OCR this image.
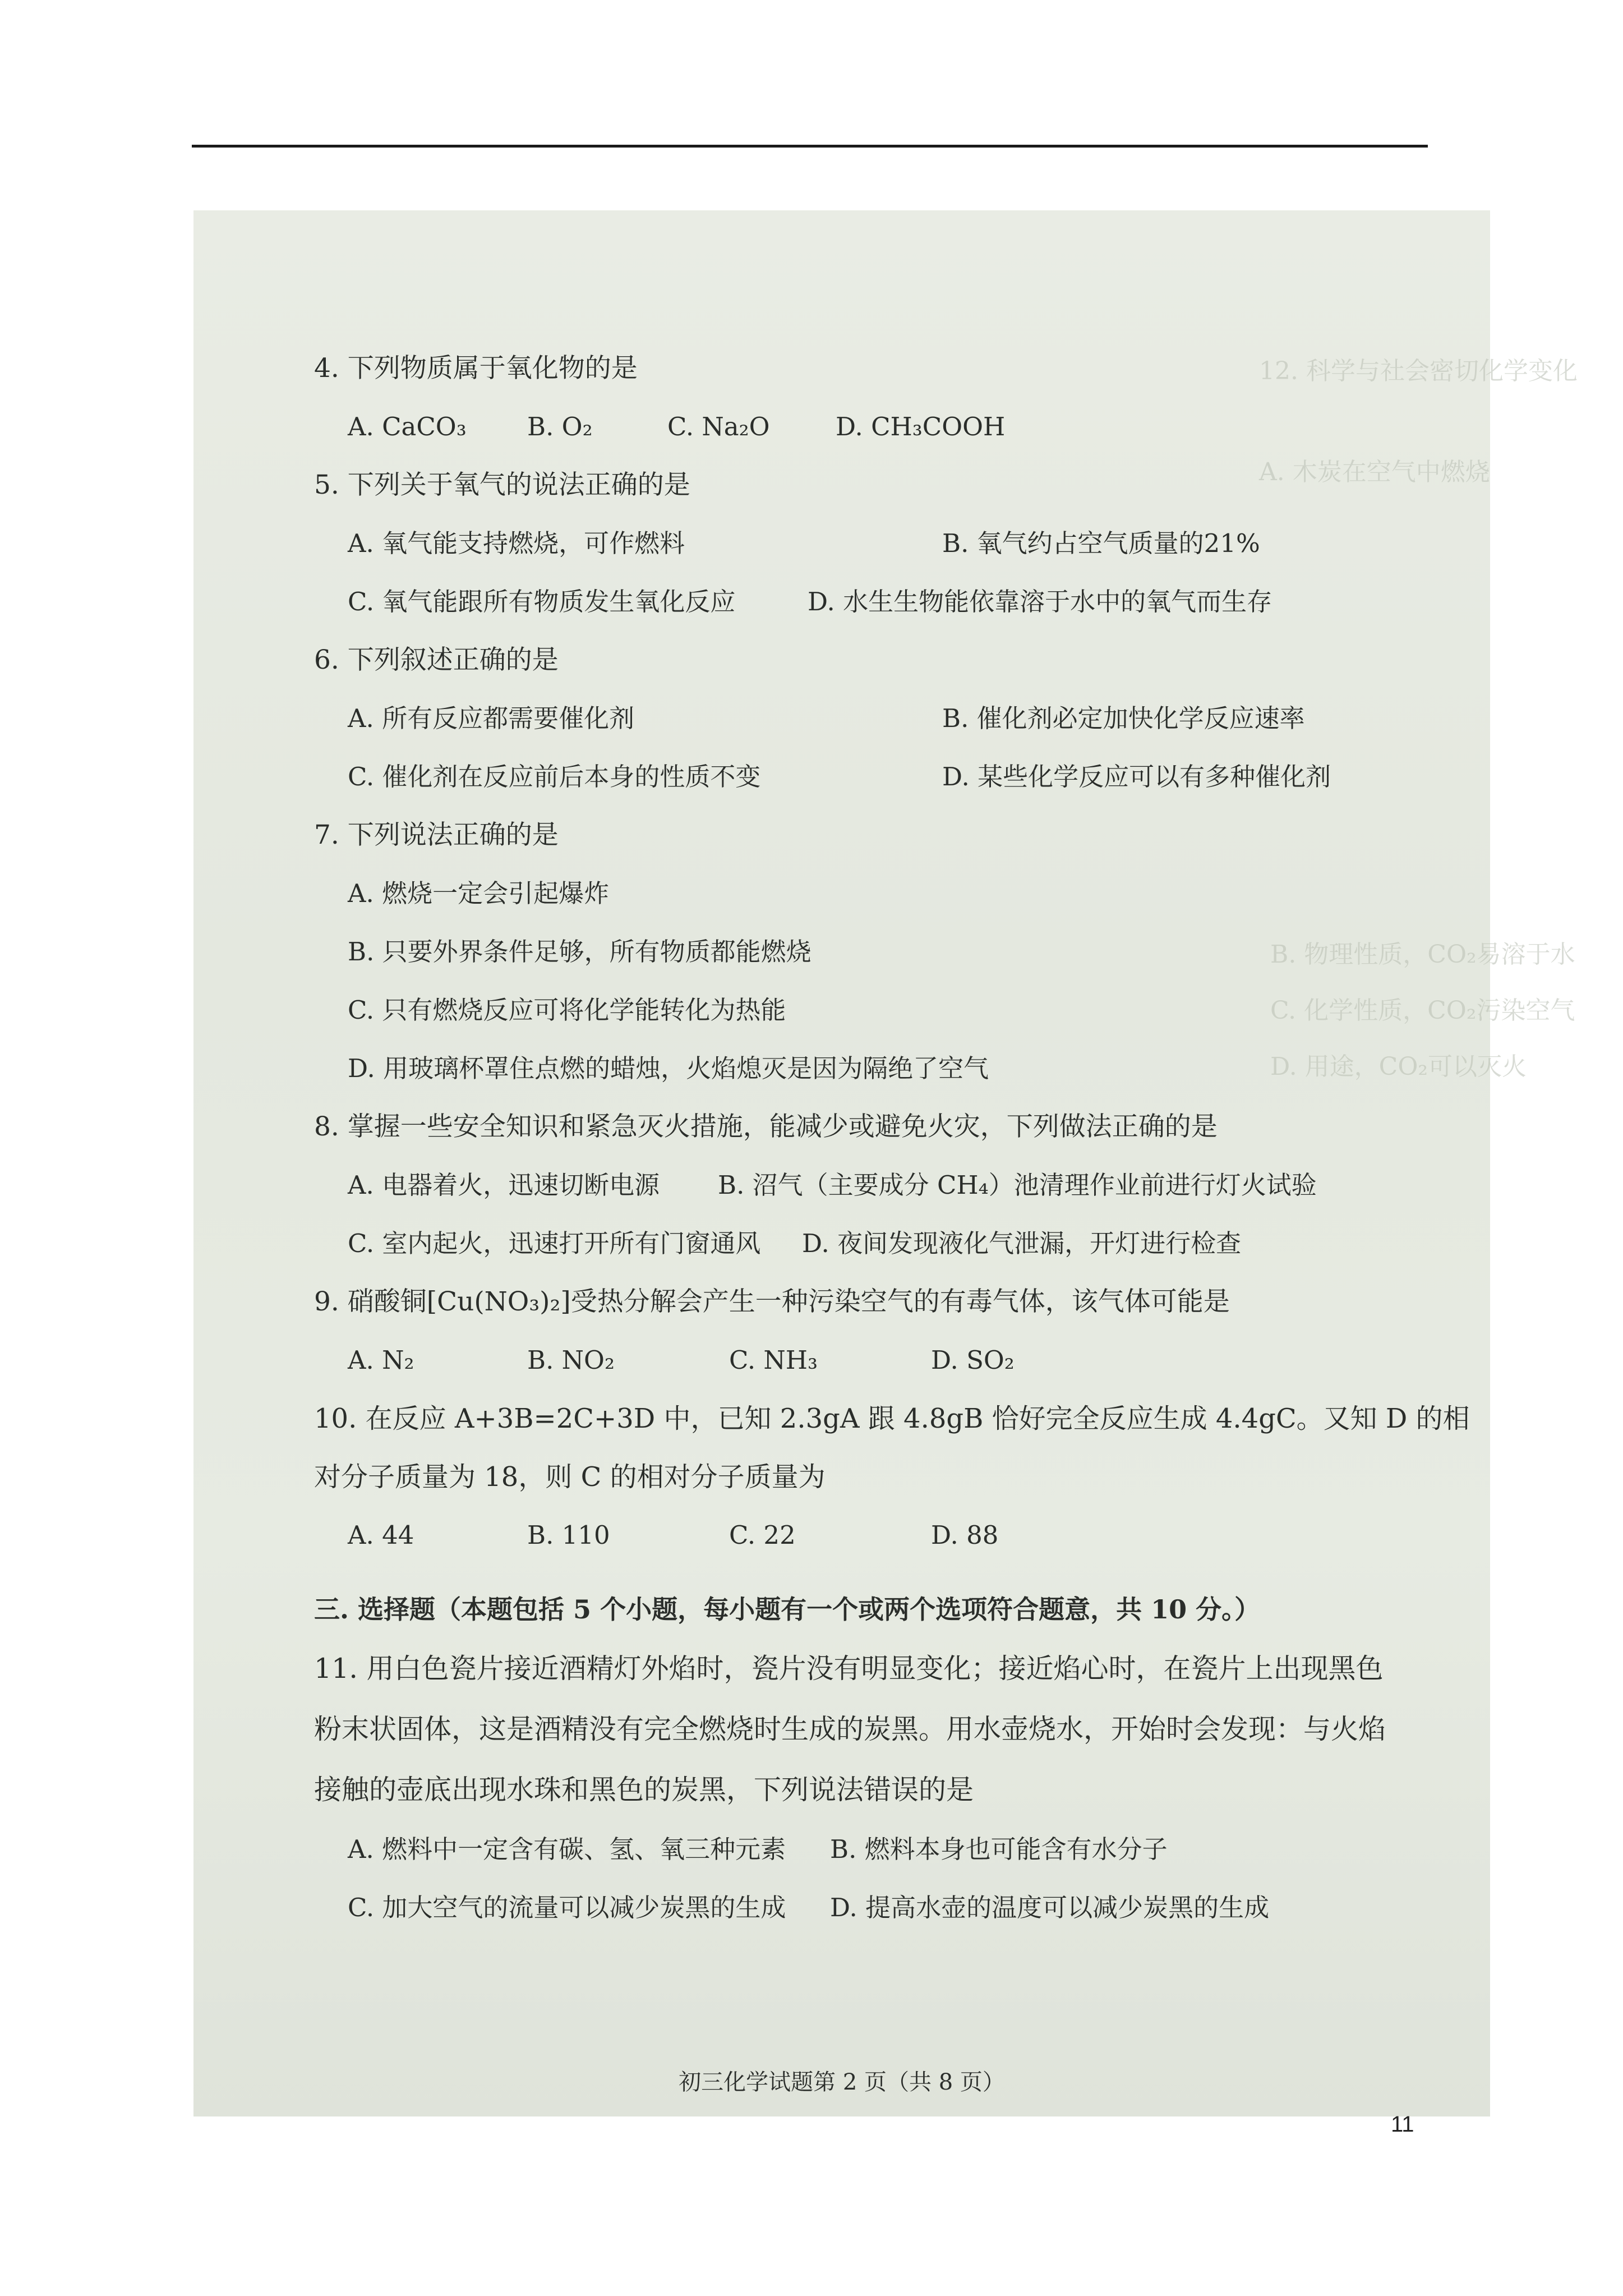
12. 科学与社会密切化学变化
A. 木炭在空气中燃烧
B. 物理性质，CO₂易溶于水
C. 化学性质，CO₂污染空气
D. 用途，CO₂可以灭火
4. 下列物质属于氧化物的是
A. CaCO₃	B. O₂	C. Na₂O	D. CH₃COOH
5. 下列关于氧气的说法正确的是
A. 氧气能支持燃烧，可作燃料	B. 氧气约占空气质量的21%
C. 氧气能跟所有物质发生氧化反应	D. 水生生物能依靠溶于水中的氧气而生存
6. 下列叙述正确的是
A. 所有反应都需要催化剂	B. 催化剂必定加快化学反应速率
C. 催化剂在反应前后本身的性质不变	D. 某些化学反应可以有多种催化剂
7. 下列说法正确的是
A. 燃烧一定会引起爆炸
B. 只要外界条件足够，所有物质都能燃烧
C. 只有燃烧反应可将化学能转化为热能
D. 用玻璃杯罩住点燃的蜡烛，火焰熄灭是因为隔绝了空气
8. 掌握一些安全知识和紧急灭火措施，能减少或避免火灾，下列做法正确的是
A. 电器着火，迅速切断电源	B. 沼气（主要成分 CH₄）池清理作业前进行灯火试验
C. 室内起火，迅速打开所有门窗通风	D. 夜间发现液化气泄漏，开灯进行检查
9. 硝酸铜[Cu(NO₃)₂]受热分解会产生一种污染空气的有毒气体，该气体可能是
A. N₂	B. NO₂	C. NH₃	D. SO₂
10. 在反应 A+3B=2C+3D 中，已知 2.3gA 跟 4.8gB 恰好完全反应生成 4.4gC。又知 D 的相
对分子质量为 18，则 C 的相对分子质量为
A. 44	B. 110	C. 22	D. 88
三. 选择题（本题包括 5 个小题，每小题有一个或两个选项符合题意，共 10 分。）
11. 用白色瓷片接近酒精灯外焰时，瓷片没有明显变化；接近焰心时，在瓷片上出现黑色
粉末状固体，这是酒精没有完全燃烧时生成的炭黑。用水壶烧水，开始时会发现：与火焰
接触的壶底出现水珠和黑色的炭黑，下列说法错误的是
A. 燃料中一定含有碳、氢、氧三种元素	B. 燃料本身也可能含有水分子
C. 加大空气的流量可以减少炭黑的生成	D. 提高水壶的温度可以减少炭黑的生成
初三化学试题第 2 页（共 8 页）
11
